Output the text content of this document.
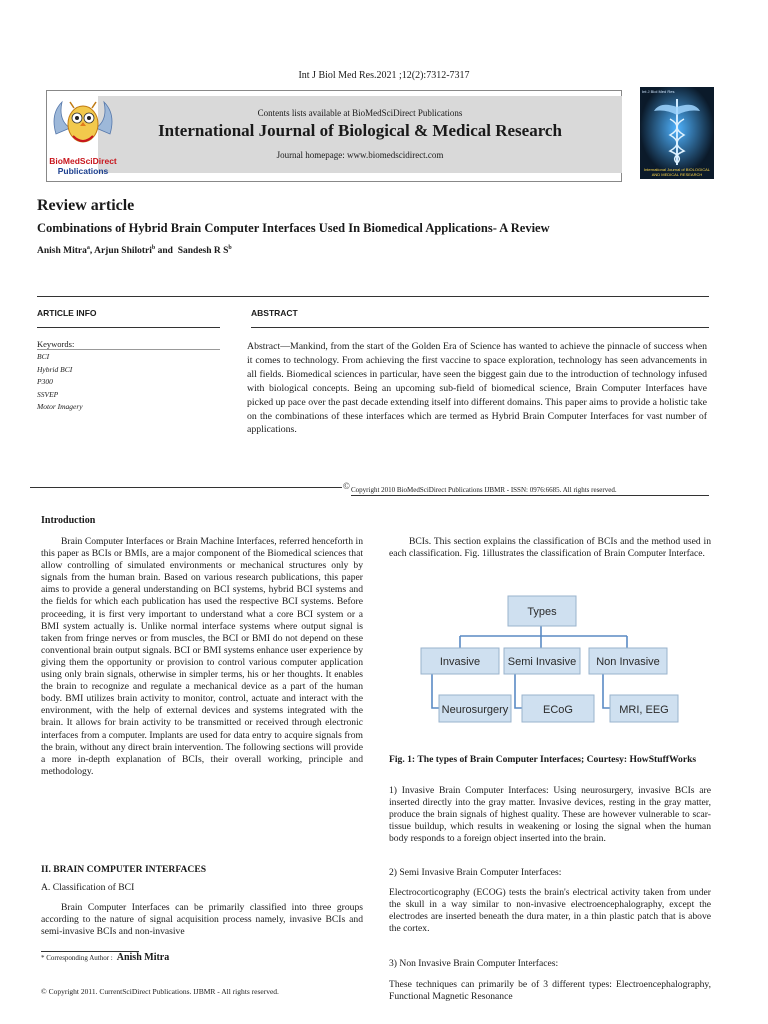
Int J Biol Med Res.2021 ;12(2):7312-7317
Contents lists available at BioMedSciDirect Publications
International Journal of Biological & Medical Research
Journal homepage: www.biomedscidirect.com
BioMedSciDirect
Publications
Int J Biol Med Res
International Journal of BIOLOGICAL AND MEDICAL RESEARCH
Review article
Combinations of Hybrid Brain Computer Interfaces Used In Biomedical Applications- A Review
Anish Mitra$^a$, Arjun Shilotri$^b$ and  Sandesh R $S^b$
ARTICLE INFO	ABSTRACT
Keywords:
BCI
Hybrid BCI
P300
SSVEP
Motor Imagery
Abstract—Mankind, from the start of the Golden Era of Science has wanted to achieve the pinnacle of success when it comes to technology. From achieving the first vaccine to space exploration, technology has seen advancements in all fields. Biomedical sciences in particular, have seen the biggest gain due to the introduction of technology infused with biological concepts. Being an upcoming sub-field of biomedical science, Brain Computer Interfaces have picked up pace over the past decade extending itself into different domains. This paper aims to provide a holistic take on the combinations of these interfaces which are termed as Hybrid Brain Computer Interfaces for vast number of applications.
© Copyright 2010 BioMedSciDirect Publications IJBMR - ISSN: 0976:6685. All rights reserved.
Introduction
Brain Computer Interfaces or Brain Machine Interfaces, referred henceforth in this paper as BCIs or BMIs, are a major component of the Biomedical sciences that allow controlling of simulated environments or mechanical structures only by signals from the human brain. Based on various research publications, this paper aims to provide a general understanding on BCI systems, hybrid BCI systems and the fields for which each publication has used the respective BCI systems. Before proceeding, it is first very important to understand what a core BCI system or a BMI system actually is. Unlike normal interface systems where output signal is taken from fringe nerves or from muscles, the BCI or BMI do not depend on these conventional brain output signals. BCI or BMI systems enhance user experience by giving them the opportunity or provision to control various computer application using only brain signals, otherwise in simpler terms, his or her thoughts. It enables the brain to recognize and regulate a mechanical device as a part of the human body. BMI utilizes brain activity to monitor, control, actuate and interact with the environment, with the help of external devices and systems integrated with the brain. It allows for brain activity to be transmitted or received through electronic interfaces from a computer. Implants are used for data entry to acquire signals from the brain, without any direct brain intervention. The following sections will provide a more in-depth explanation of BCIs, their overall working, principle and methodology.
II. BRAIN COMPUTER INTERFACES
A. Classification of BCI
Brain Computer Interfaces can be primarily classified into three groups according to the nature of signal acquisition process namely, invasive BCIs and semi-invasive BCIs and non-invasive
* Corresponding Author : Anish Mitra
© Copyright 2011. CurrentSciDirect Publications. IJBMR - All rights reserved.
BCIs. This section explains the classification of BCIs and the method used in each classification. Fig. 1illustrates the classification of Brain Computer Interface.
Types
Invasive	Semi Invasive Non Invasive
Neurosurgery	ECoG	MRI, EEG
Fig. 1: The types of Brain Computer Interfaces; Courtesy: HowStuffWorks
1) Invasive Brain Computer Interfaces: Using neurosurgery, invasive BCIs are inserted directly into the gray matter. Invasive devices, resting in the gray matter, produce the brain signals of highest quality. These are however vulnerable to scar-tissue buildup, which results in weakening or losing the signal when the human body responds to a foreign object inserted into the brain.
2) Semi Invasive Brain Computer Interfaces:
Electrocorticography (ECOG) tests the brain's electrical activity taken from under the skull in a way similar to non-invasive electroencephalography, except the electrodes are inserted beneath the dura mater, in a thin plastic patch that is above the cortex.
3) Non Invasive Brain Computer Interfaces:
These techniques can primarily be of 3 different types: Electroencephalography, Functional Magnetic Resonance
